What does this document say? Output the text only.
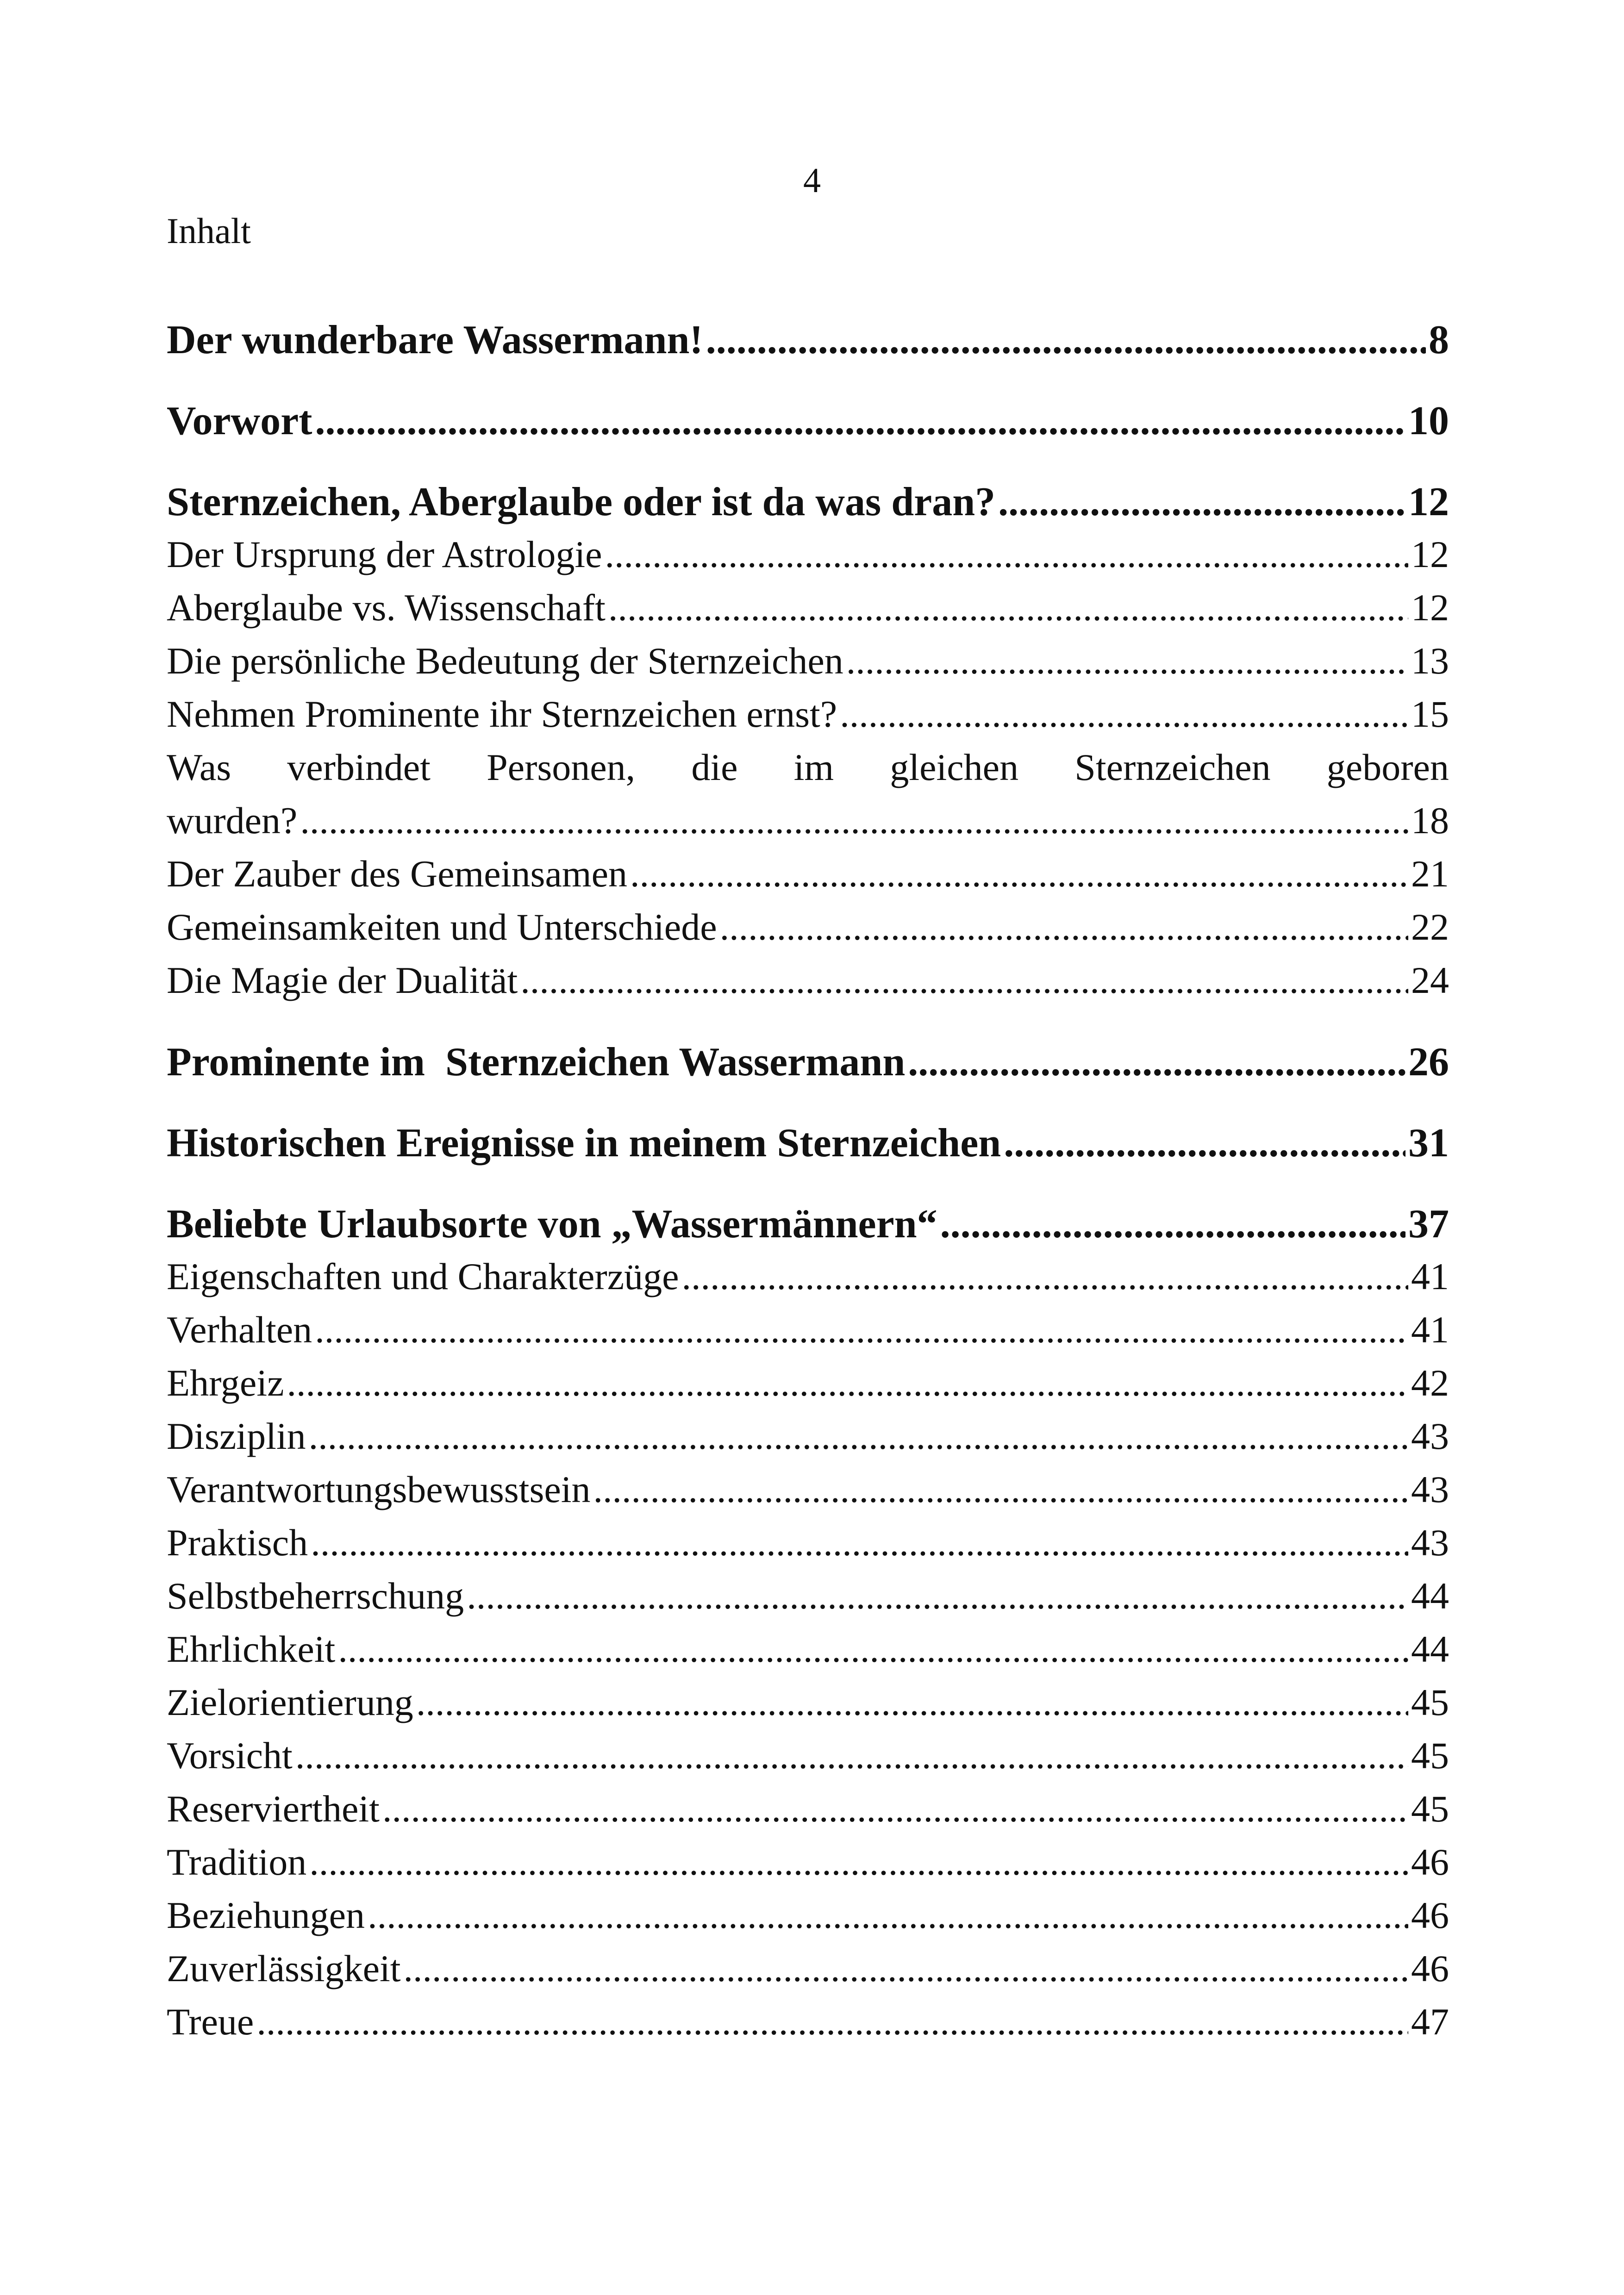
4
Inhalt
Der wunderbare Wassermann! .....	8
Vorwort .....	10
Sternzeichen, Aberglaube oder ist da was dran? .....	12
Der Ursprung der Astrologie .....	12
Aberglaube vs. Wissenschaft .....	12
Die persönliche Bedeutung der Sternzeichen .....	13
Nehmen Prominente ihr Sternzeichen ernst? .....	15
Was verbindet Personen, die im gleichen Sternzeichen geboren
wurden? .....	18
Der Zauber des Gemeinsamen .....	21
Gemeinsamkeiten und Unterschiede .....	22
Die Magie der Dualität .....	24
Prominente im  Sternzeichen Wassermann .....	26
Historischen Ereignisse in meinem Sternzeichen .....	31
Beliebte Urlaubsorte von „Wassermännern“ .....	37
Eigenschaften und Charakterzüge .....	41
Verhalten .....	41
Ehrgeiz .....	42
Disziplin .....	43
Verantwortungsbewusstsein .....	43
Praktisch .....	43
Selbstbeherrschung .....	44
Ehrlichkeit .....	44
Zielorientierung .....	45
Vorsicht .....	45
Reserviertheit .....	45
Tradition .....	46
Beziehungen .....	46
Zuverlässigkeit .....	46
Treue .....	47
